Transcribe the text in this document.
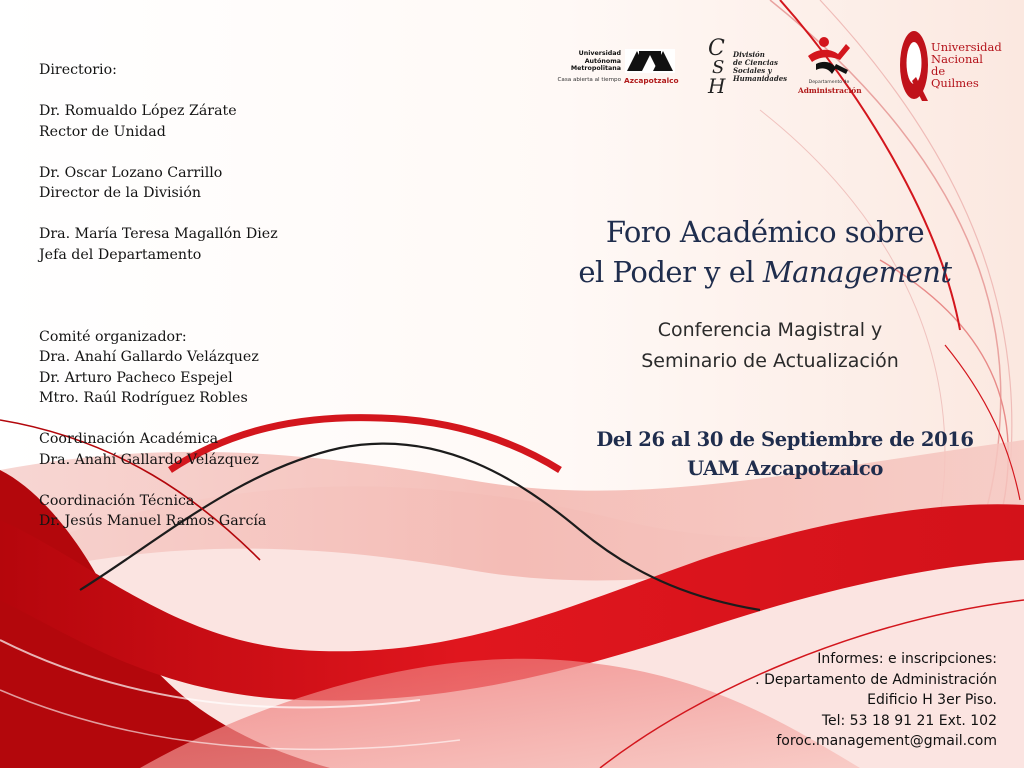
Directorio:
Dr. Romualdo López Zárate
Rector de Unidad
Dr. Oscar Lozano Carrillo
Director de la División
Dra. María Teresa Magallón Diez
Jefa del Departamento
Comité organizador:
Dra. Anahí Gallardo Velázquez
Dr. Arturo Pacheco Espejel
Mtro. Raúl Rodríguez Robles
Coordinación Académica
Dra. Anahí Gallardo Velázquez
Coordinación Técnica
Dr. Jesús Manuel Ramos García
Universidad
Autónoma
Metropolitana
Casa abierta al tiempo Azcapotzalco
C
S
H
División
de Ciencias
Sociales y
Humanidades	Departamento de
Administración
Universidad
Nacional
de Quilmes
Foro Académico sobre
el Poder y el Management
Conferencia Magistral y
Seminario de Actualización
Del 26 al 30 de Septiembre de 2016
UAM Azcapotzalco
Informes: e inscripciones:
. Departamento de Administración
Edificio H 3er Piso.
Tel: 53 18 91 21 Ext. 102
foroc.management@gmail.com
